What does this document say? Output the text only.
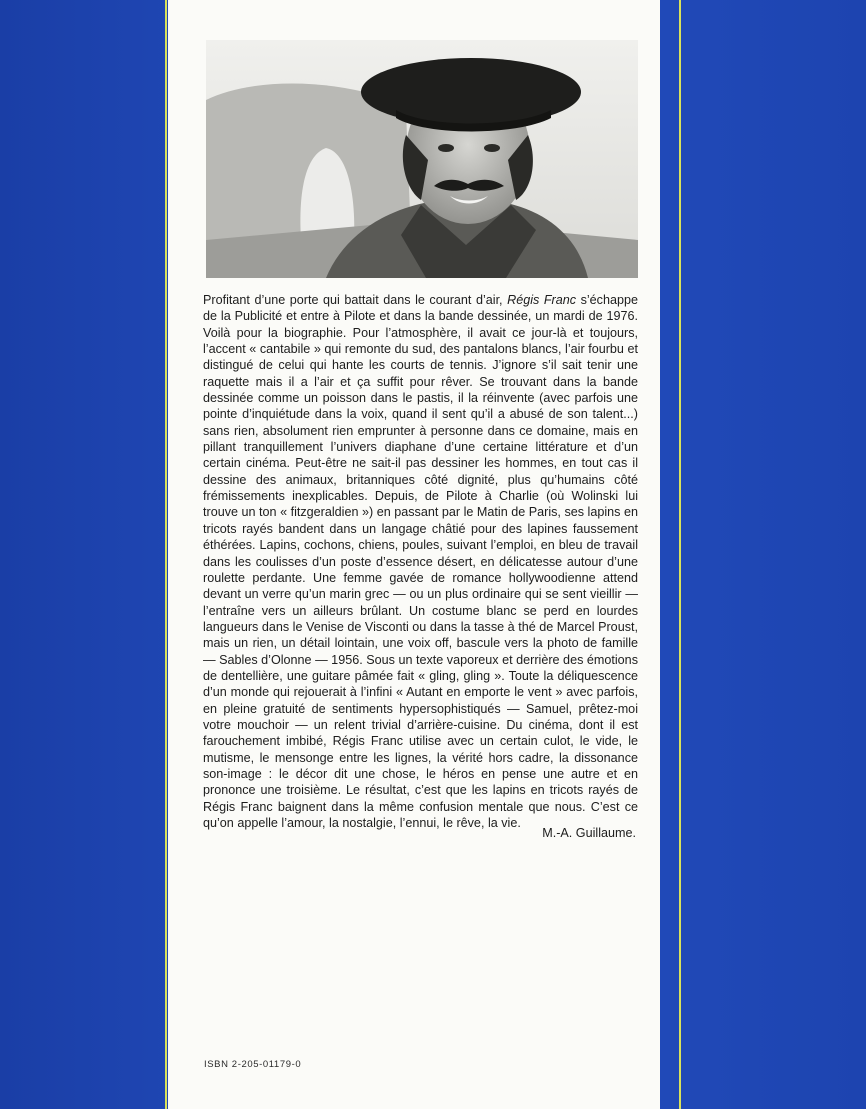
Profitant d’une porte qui battait dans le courant d’air, Régis Franc s’échappe de la Publicité et entre à Pilote et dans la bande dessinée, un mardi de 1976. Voilà pour la biographie. Pour l’atmosphère, il avait ce jour-là et toujours, l’accent « cantabile » qui remonte du sud, des pantalons blancs, l’air fourbu et distingué de celui qui hante les courts de tennis. J’ignore s’il sait tenir une raquette mais il a l’air et ça suffit pour rêver. Se trouvant dans la bande dessinée comme un poisson dans le pastis, il la réinvente (avec parfois une pointe d’inquiétude dans la voix, quand il sent qu’il a abusé de son talent...) sans rien, absolument rien emprunter à personne dans ce domaine, mais en pillant tranquillement l’univers diaphane d’une certaine littérature et d’un certain cinéma. Peut-être ne sait-il pas dessiner les hommes, en tout cas il dessine des animaux, britanniques côté dignité, plus qu’humains côté frémissements inexplicables. Depuis, de Pilote à Charlie (où Wolinski lui trouve un ton « fitzgeraldien ») en passant par le Matin de Paris, ses lapins en tricots rayés bandent dans un langage châtié pour des lapines faussement éthérées. Lapins, cochons, chiens, poules, suivant l’emploi, en bleu de travail dans les coulisses d’un poste d’essence désert, en délicatesse autour d’une roulette perdante. Une femme gavée de romance hollywoodienne attend devant un verre qu’un marin grec — ou un plus ordinaire qui se sent vieillir — l’entraîne vers un ailleurs brûlant. Un costume blanc se perd en lourdes langueurs dans le Venise de Visconti ou dans la tasse à thé de Marcel Proust, mais un rien, un détail lointain, une voix off, bascule vers la photo de famille — Sables d’Olonne — 1956. Sous un texte vaporeux et derrière des émotions de dentellière, une guitare pâmée fait « gling, gling ». Toute la déliquescence d’un monde qui rejouerait à l’infini « Autant en emporte le vent » avec parfois, en pleine gratuité de sentiments hypersophistiqués — Samuel, prêtez-moi votre mouchoir — un relent trivial d’arrière-cuisine. Du cinéma, dont il est farouchement imbibé, Régis Franc utilise avec un certain culot, le vide, le mutisme, le mensonge entre les lignes, la vérité hors cadre, la dissonance son-image : le décor dit une chose, le héros en pense une autre et en prononce une troisième. Le résultat, c’est que les lapins en tricots rayés de Régis Franc baignent dans la même confusion mentale que nous. C’est ce qu’on appelle l’amour, la nostalgie, l’ennui, le rêve, la vie.

M.-A. Guillaume.
ISBN 2-205-01179-0
